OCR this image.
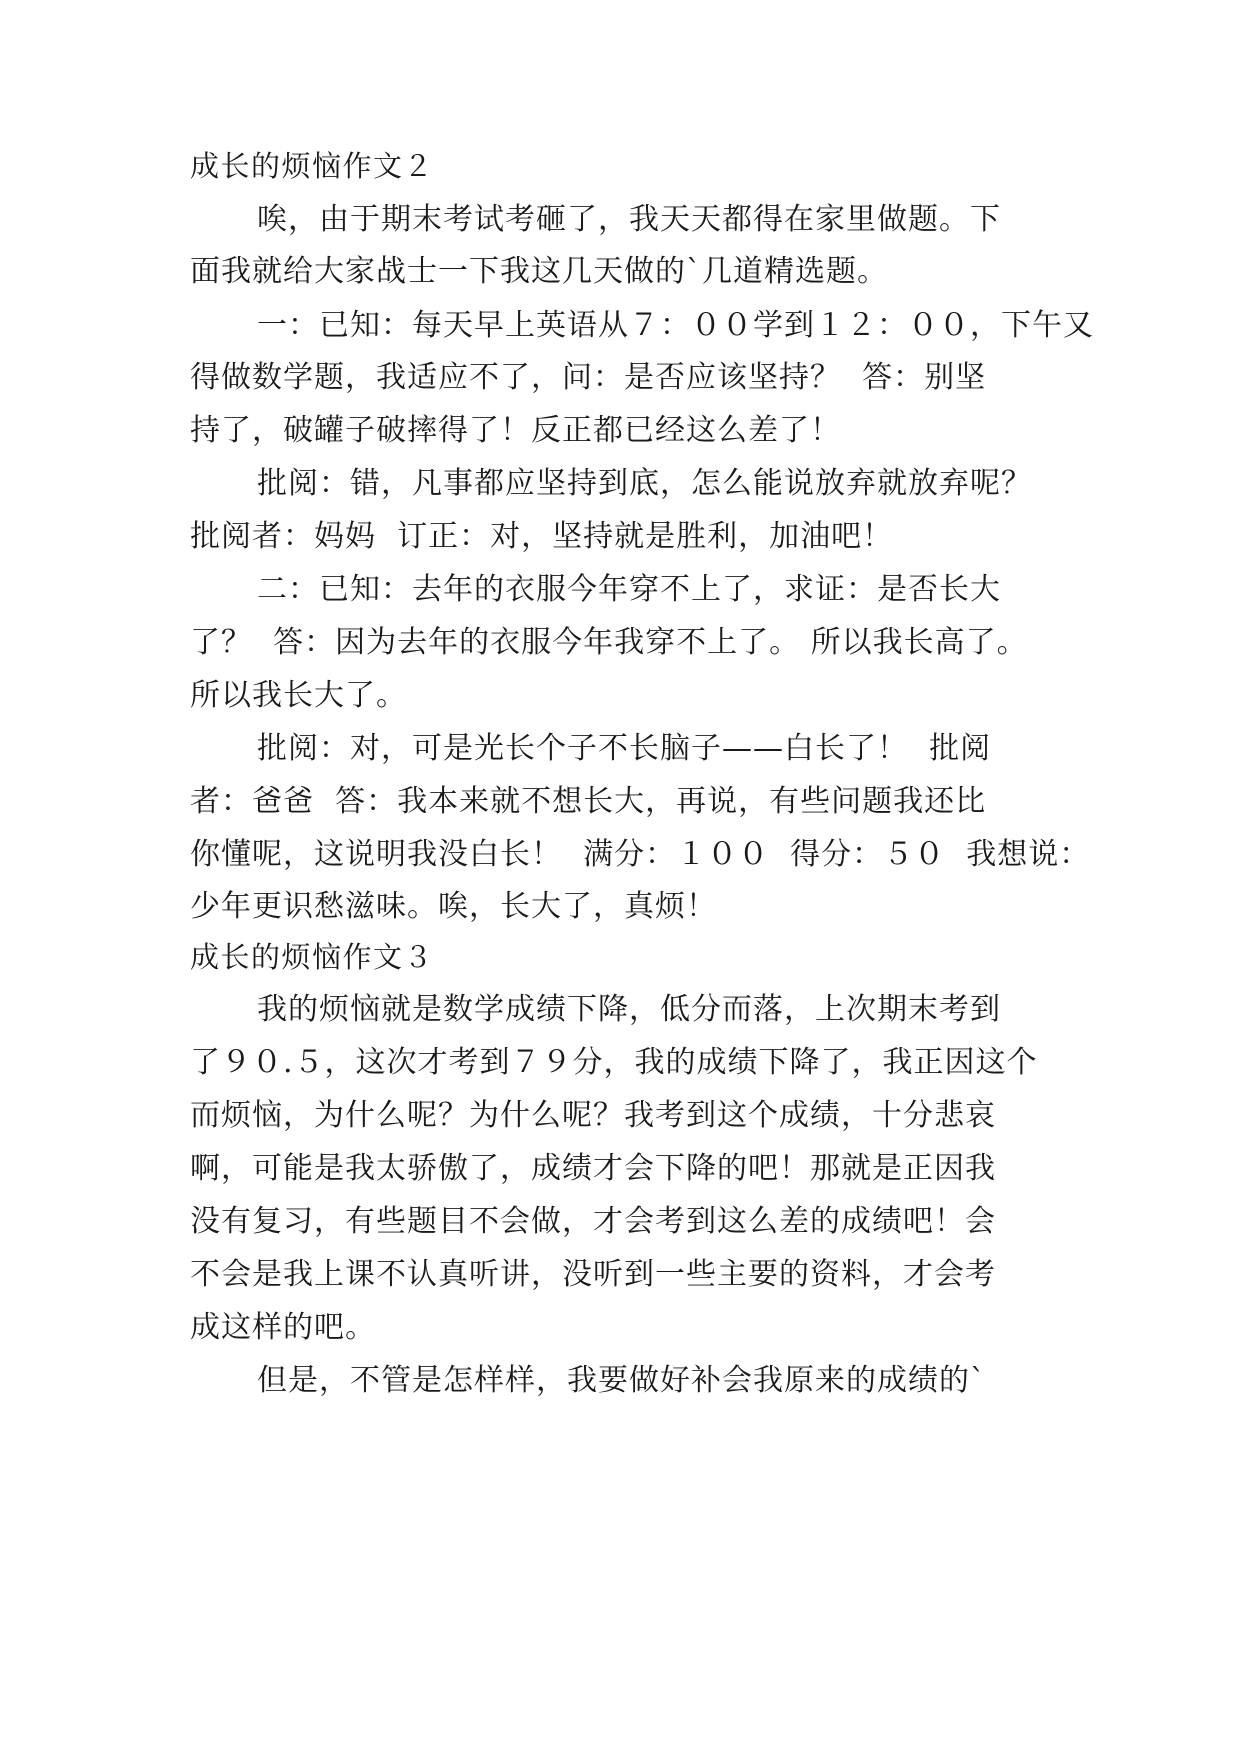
成长的烦恼作文２
唉，由于期末考试考砸了，我天天都得在家里做题。下
面我就给大家战士一下我这几天做的`几道精选题。
一：已知：每天早上英语从７：００学到１２：００，下午又
得做数学题，我适应不了，问：是否应该坚持？  答：别坚
持了，破罐子破摔得了！反正都已经这么差了！
批阅：错，凡事都应坚持到底，怎么能说放弃就放弃呢？
批阅者：妈妈  订正：对，坚持就是胜利，加油吧！
二：已知：去年的衣服今年穿不上了，求证：是否长大
了？  答：因为去年的衣服今年我穿不上了。 所以我长高了。
所以我长大了。
批阅：对，可是光长个子不长脑子——白长了！  批阅
者：爸爸  答：我本来就不想长大，再说，有些问题我还比
你懂呢，这说明我没白长！  满分：１００  得分：５０  我想说：
少年更识愁滋味。唉，长大了，真烦！
成长的烦恼作文３
我的烦恼就是数学成绩下降，低分而落，上次期末考到
了９０.５，这次才考到７９分，我的成绩下降了，我正因这个
而烦恼，为什么呢？为什么呢？我考到这个成绩，十分悲哀
啊，可能是我太骄傲了，成绩才会下降的吧！那就是正因我
没有复习，有些题目不会做，才会考到这么差的成绩吧！会
不会是我上课不认真听讲，没听到一些主要的资料，才会考
成这样的吧。
但是，不管是怎样样，我要做好补会我原来的成绩的`
